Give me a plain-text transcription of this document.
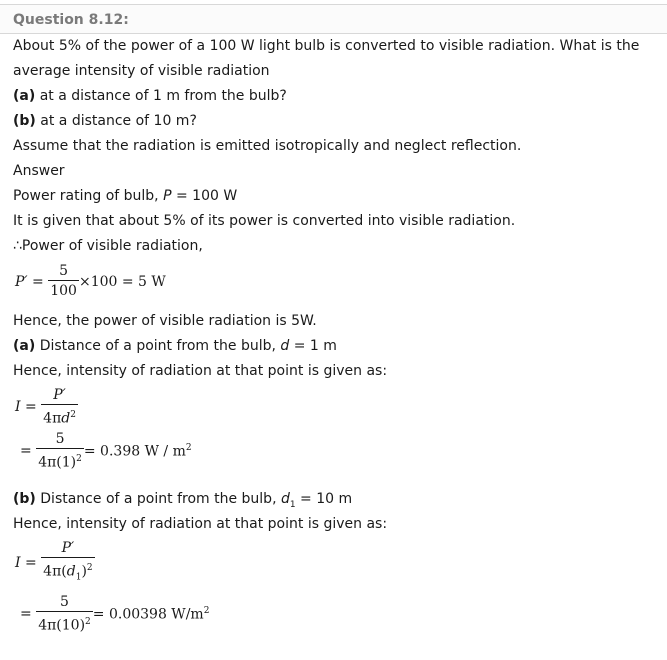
Question 8.12:
About 5% of the power of a 100 W light bulb is converted to visible radiation. What is the
average intensity of visible radiation
(a) at a distance of 1 m from the bulb?
(b) at a distance of 10 m?
Assume that the radiation is emitted isotropically and neglect reflection.
Answer
Power rating of bulb, P = 100 W
It is given that about 5% of its power is converted into visible radiation.
∴Power of visible radiation,
$P' = \frac{5}{100} \times 100 = 5$ W
Hence, the power of visible radiation is 5W.
(a) Distance of a point from the bulb, d = 1 m
Hence, intensity of radiation at that point is given as:
$I = \frac{P'}{4\pi d^2}$
= $\frac{5}{4\pi(1)^2} = 0.398$ W / $m^2$
(b) Distance of a point from the bulb, $d_1 = 10$ m
Hence, intensity of radiation at that point is given as:
$I = \frac{P'}{4\pi(d_1)^2}$
= $\frac{5}{4\pi(10)^2} = 0.00398$ $W/m^2$
